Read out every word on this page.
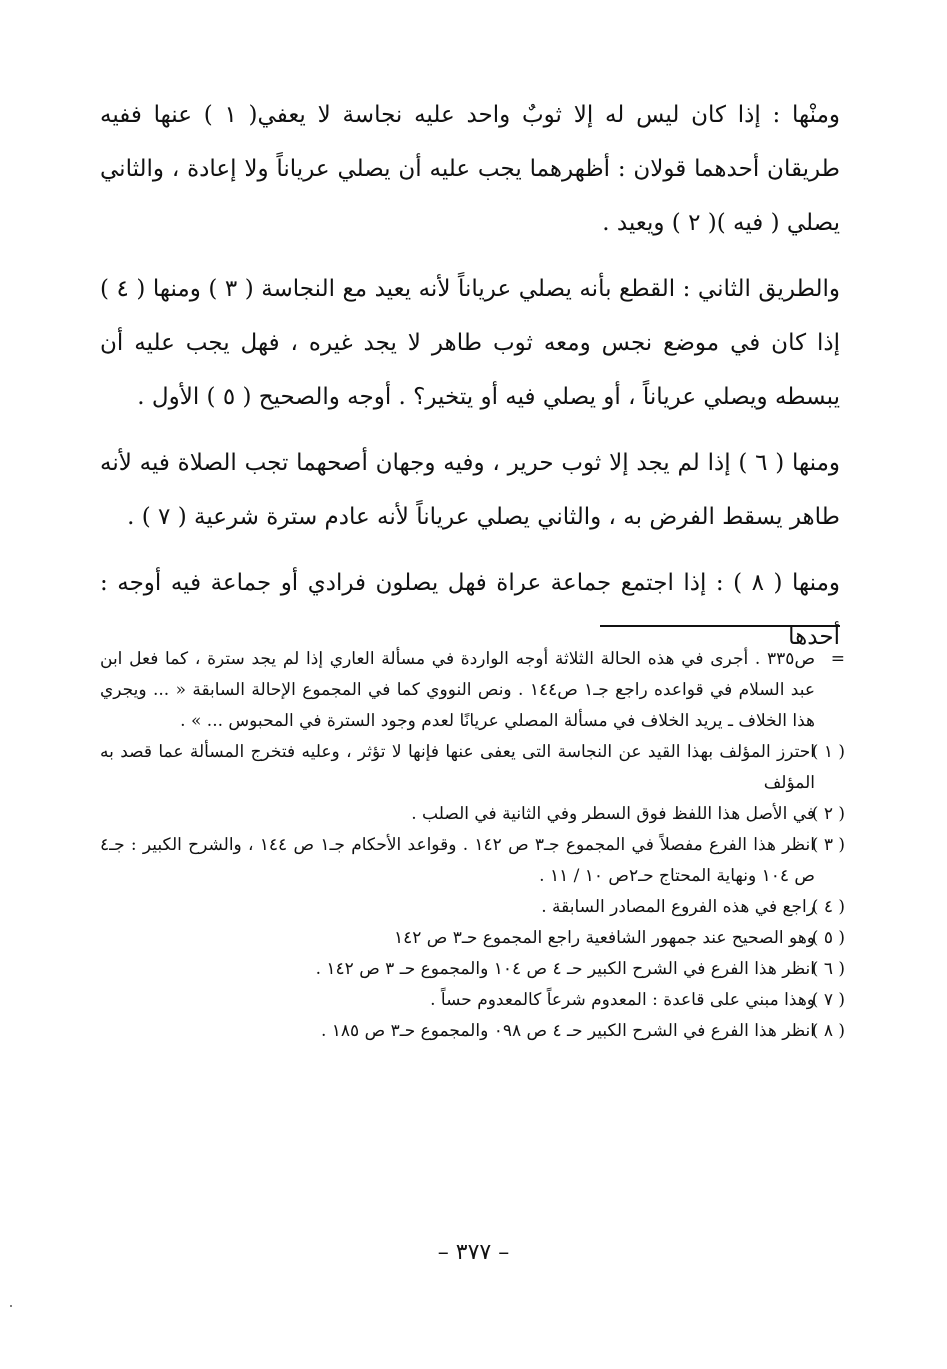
ومنْها : إذا كان ليس له إلا ثوبٌ واحد عليه نجاسة لا يعفي( ١ ) عنها ففيه طريقان أحدهما قولان : أظهرهما يجب عليه أن يصلي عرياناً ولا إعادة ، والثاني يصلي ( فيه )( ٢ ) ويعيد .

والطريق الثاني : القطع بأنه يصلي عرياناً لأنه يعيد مع النجاسة ( ٣ ) ومنها ( ٤ ) إذا كان في موضع نجس ومعه ثوب طاهر لا يجد غيره ، فهل يجب عليه أن يبسطه ويصلي عرياناً ، أو يصلي فيه أو يتخير؟ . أوجه والصحيح ( ٥ ) الأول .

ومنها ( ٦ ) إذا لم يجد إلا ثوب حرير ، وفيه وجهان أصحهما تجب الصلاة فيه لأنه طاهر يسقط الفرض به ، والثاني يصلي عرياناً لأنه عادم سترة شرعية ( ٧ ) .

ومنها ( ٨ ) : إذا اجتمع جماعة عراة فهل يصلون فرادي أو جماعة فيه أوجه : أحدها

=
ص٣٣٥ . أجرى في هذه الحالة الثلاثة أوجه الواردة في مسألة العاري إذا لم يجد سترة ، كما فعل ابن عبد السلام في قواعده راجع جـ١ ص١٤٤ . ونص النووي كما في المجموع الإحالة السابقة « ... ويجري هذا الخلاف ـ يريد الخلاف في مسألة المصلي عريانًا لعدم وجود السترة في المحبوس ... » .
( ١ )
احترز المؤلف بهذا القيد عن النجاسة التى يعفى عنها فإنها لا تؤثر ، وعليه فتخرج المسألة عما قصد به المؤلف
( ٢ )
في الأصل هذا اللفظ فوق السطر وفي الثانية في الصلب .
( ٣ )
انظر هذا الفرع مفصلاً في المجموع جـ٣ ص ١٤٢ . وقواعد الأحكام جـ١ ص ١٤٤ ، والشرح الكبير : جـ٤ ص ١٠٤ ونهاية المحتاج حـ٢ص ١٠ / ١١ .
( ٤ )
راجع في هذه الفروع المصادر السابقة .
( ٥ )
وهو الصحيح عند جمهور الشافعية راجع المجموع حـ٣ ص ١٤٢
( ٦ )
انظر هذا الفرع في الشرح الكبير حـ ٤ ص ١٠٤ والمجموع حـ ٣ ص ١٤٢ .
( ٧ )
وهذا مبني على قاعدة : المعدوم شرعاً كالمعدوم حساً .
( ٨ )
انظر هذا الفرع في الشرح الكبير حـ ٤ ص ٠٩٨ والمجموع حـ٣ ص ١٨٥ .
– ٣٧٧ –
